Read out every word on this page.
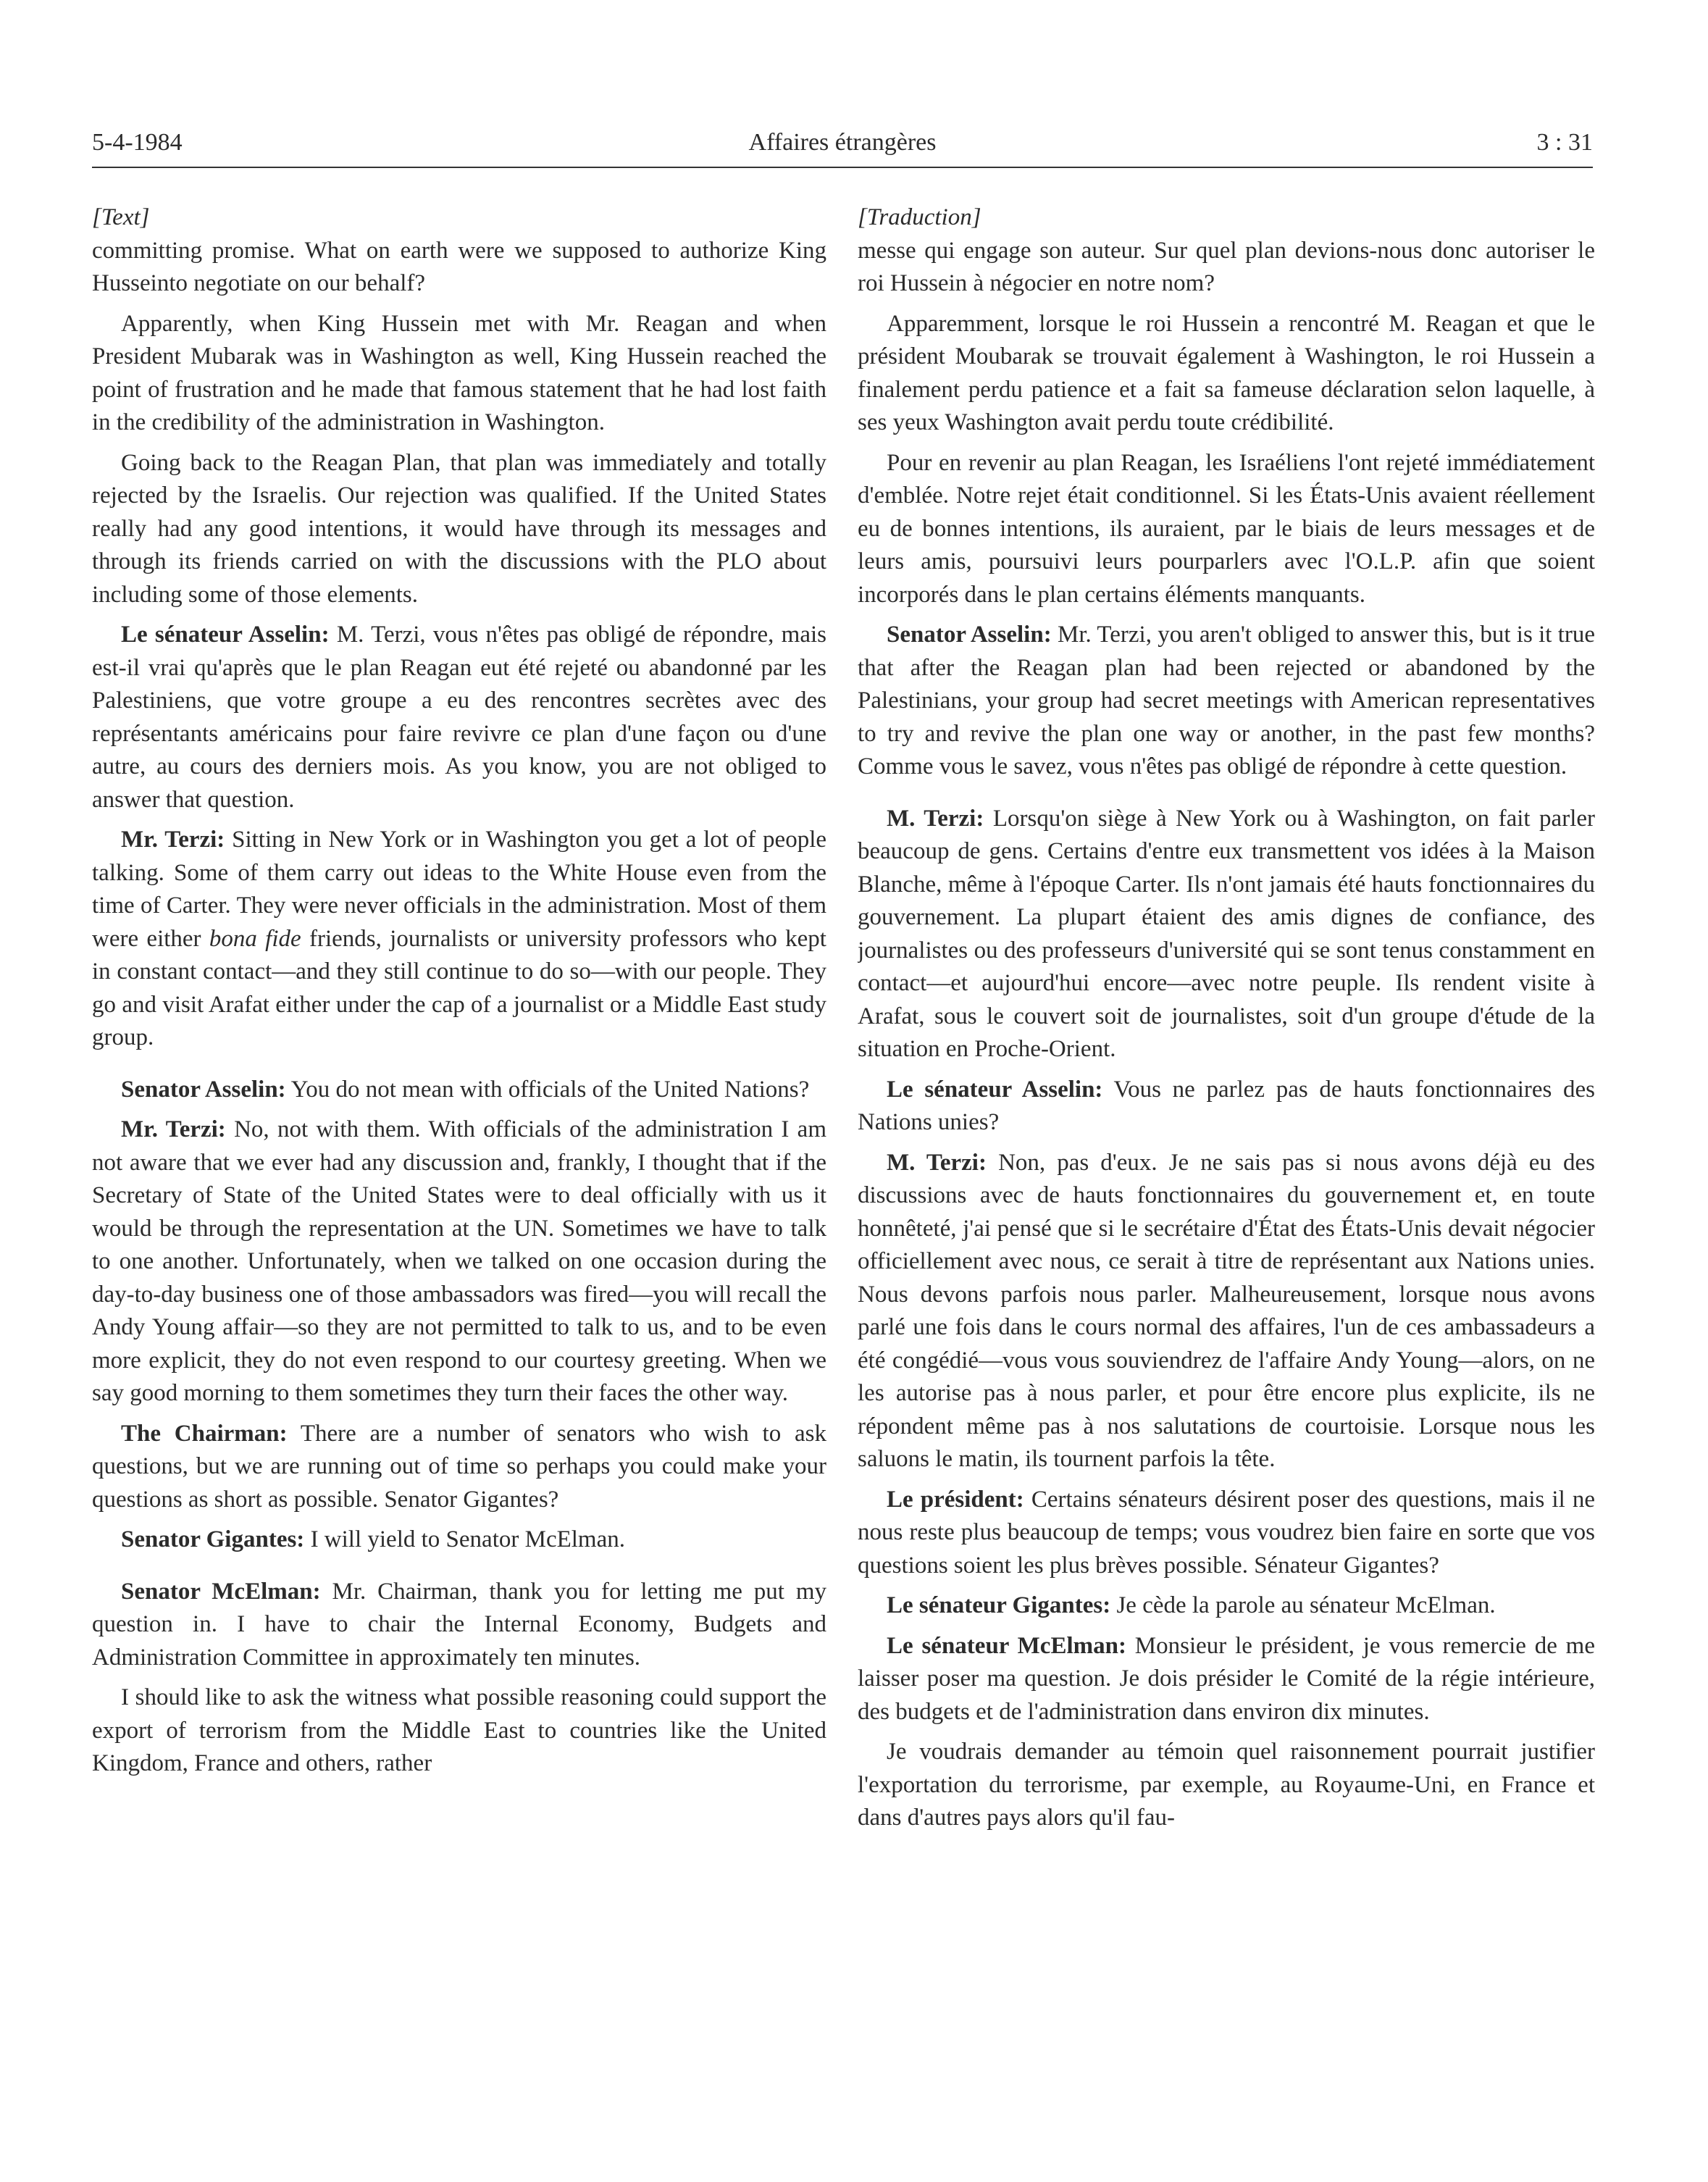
5-4-1984	Affaires étrangères	3 : 31

[Text]

committing promise. What on earth were we supposed to authorize King Husseinto negotiate on our behalf?

Apparently, when King Hussein met with Mr. Reagan and when President Mubarak was in Washington as well, King Hussein reached the point of frustration and he made that famous statement that he had lost faith in the credibility of the administration in Washington.

Going back to the Reagan Plan, that plan was immediately and totally rejected by the Israelis. Our rejection was qualified. If the United States really had any good intentions, it would have through its messages and through its friends carried on with the discussions with the PLO about including some of those elements.

Le sénateur Asselin: M. Terzi, vous n'êtes pas obligé de répondre, mais est-il vrai qu'après que le plan Reagan eut été rejeté ou abandonné par les Palestiniens, que votre groupe a eu des rencontres secrètes avec des représentants américains pour faire revivre ce plan d'une façon ou d'une autre, au cours des derniers mois. As you know, you are not obliged to answer that question.

Mr. Terzi: Sitting in New York or in Washington you get a lot of people talking. Some of them carry out ideas to the White House even from the time of Carter. They were never officials in the administration. Most of them were either bona fide friends, journalists or university professors who kept in constant contact—and they still continue to do so—with our people. They go and visit Arafat either under the cap of a journalist or a Middle East study group.

Senator Asselin: You do not mean with officials of the United Nations?

Mr. Terzi: No, not with them. With officials of the administration I am not aware that we ever had any discussion and, frankly, I thought that if the Secretary of State of the United States were to deal officially with us it would be through the representation at the UN. Sometimes we have to talk to one another. Unfortunately, when we talked on one occasion during the day-to-day business one of those ambassadors was fired—you will recall the Andy Young affair—so they are not permitted to talk to us, and to be even more explicit, they do not even respond to our courtesy greeting. When we say good morning to them sometimes they turn their faces the other way.

The Chairman: There are a number of senators who wish to ask questions, but we are running out of time so perhaps you could make your questions as short as possible. Senator Gigantes?

Senator Gigantes: I will yield to Senator McElman.

Senator McElman: Mr. Chairman, thank you for letting me put my question in. I have to chair the Internal Economy, Budgets and Administration Committee in approximately ten minutes.

I should like to ask the witness what possible reasoning could support the export of terrorism from the Middle East to countries like the United Kingdom, France and others, rather

[Traduction]

messe qui engage son auteur. Sur quel plan devions-nous donc autoriser le roi Hussein à négocier en notre nom?

Apparemment, lorsque le roi Hussein a rencontré M. Reagan et que le président Moubarak se trouvait également à Washington, le roi Hussein a finalement perdu patience et a fait sa fameuse déclaration selon laquelle, à ses yeux Washington avait perdu toute crédibilité.

Pour en revenir au plan Reagan, les Israéliens l'ont rejeté immédiatement d'emblée. Notre rejet était conditionnel. Si les États-Unis avaient réellement eu de bonnes intentions, ils auraient, par le biais de leurs messages et de leurs amis, poursuivi leurs pourparlers avec l'O.L.P. afin que soient incorporés dans le plan certains éléments manquants.

Senator Asselin: Mr. Terzi, you aren't obliged to answer this, but is it true that after the Reagan plan had been rejected or abandoned by the Palestinians, your group had secret meetings with American representatives to try and revive the plan one way or another, in the past few months? Comme vous le savez, vous n'êtes pas obligé de répondre à cette question.

M. Terzi: Lorsqu'on siège à New York ou à Washington, on fait parler beaucoup de gens. Certains d'entre eux transmettent vos idées à la Maison Blanche, même à l'époque Carter. Ils n'ont jamais été hauts fonctionnaires du gouvernement. La plupart étaient des amis dignes de confiance, des journalistes ou des professeurs d'université qui se sont tenus constamment en contact—et aujourd'hui encore—avec notre peuple. Ils rendent visite à Arafat, sous le couvert soit de journalistes, soit d'un groupe d'étude de la situation en Proche-Orient.

Le sénateur Asselin: Vous ne parlez pas de hauts fonctionnaires des Nations unies?

M. Terzi: Non, pas d'eux. Je ne sais pas si nous avons déjà eu des discussions avec de hauts fonctionnaires du gouvernement et, en toute honnêteté, j'ai pensé que si le secrétaire d'État des États-Unis devait négocier officiellement avec nous, ce serait à titre de représentant aux Nations unies. Nous devons parfois nous parler. Malheureusement, lorsque nous avons parlé une fois dans le cours normal des affaires, l'un de ces ambassadeurs a été congédié—vous vous souviendrez de l'affaire Andy Young—alors, on ne les autorise pas à nous parler, et pour être encore plus explicite, ils ne répondent même pas à nos salutations de courtoisie. Lorsque nous les saluons le matin, ils tournent parfois la tête.

Le président: Certains sénateurs désirent poser des questions, mais il ne nous reste plus beaucoup de temps; vous voudrez bien faire en sorte que vos questions soient les plus brèves possible. Sénateur Gigantes?

Le sénateur Gigantes: Je cède la parole au sénateur McElman.

Le sénateur McElman: Monsieur le président, je vous remercie de me laisser poser ma question. Je dois présider le Comité de la régie intérieure, des budgets et de l'administration dans environ dix minutes.

Je voudrais demander au témoin quel raisonnement pourrait justifier l'exportation du terrorisme, par exemple, au Royaume-Uni, en France et dans d'autres pays alors qu'il fau-
